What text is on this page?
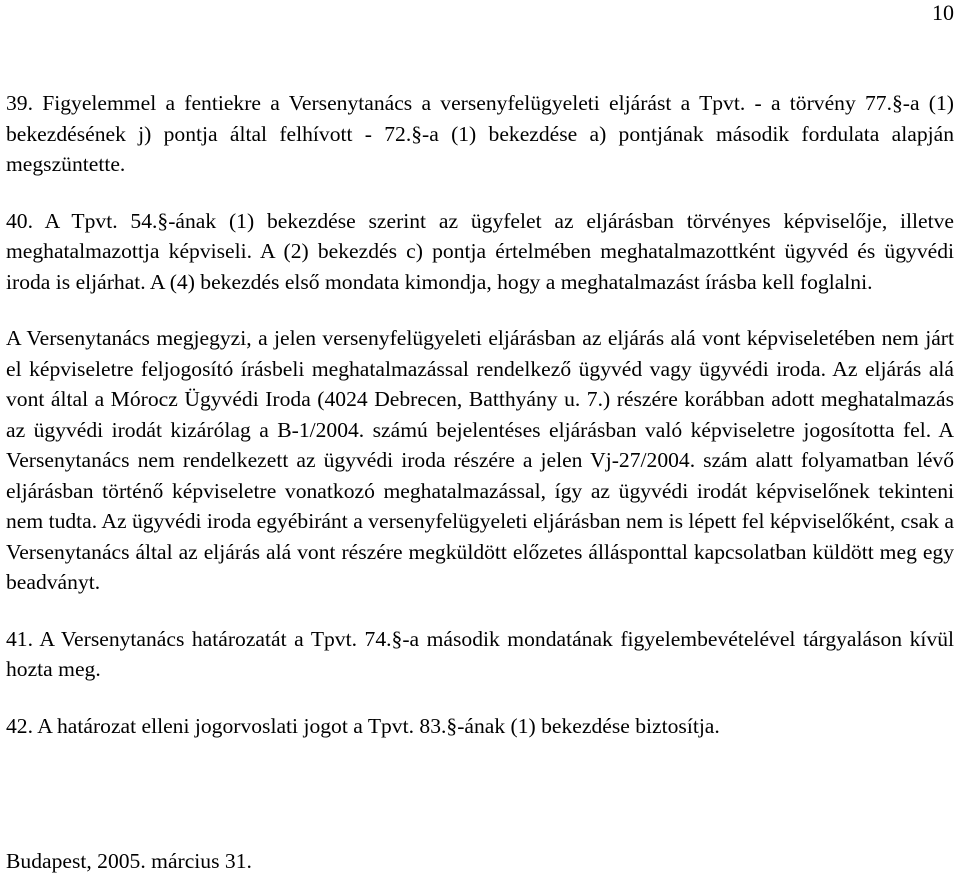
10

39. Figyelemmel a fentiekre a Versenytanács a versenyfelügyeleti eljárást a Tpvt. - a törvény 77.§-a (1) bekezdésének j) pontja által felhívott - 72.§-a (1) bekezdése a) pontjának második fordulata alapján megszüntette.

40. A Tpvt. 54.§-ának (1) bekezdése szerint az ügyfelet az eljárásban törvényes képviselője, illetve meghatalmazottja képviseli. A (2) bekezdés c) pontja értelmében meghatalmazottként ügyvéd és ügyvédi iroda is eljárhat. A (4) bekezdés első mondata kimondja, hogy a meghatalmazást írásba kell foglalni.

A Versenytanács megjegyzi, a jelen versenyfelügyeleti eljárásban az eljárás alá vont képviseletében nem járt el képviseletre feljogosító írásbeli meghatalmazással rendelkező ügyvéd vagy ügyvédi iroda. Az eljárás alá vont által a Mórocz Ügyvédi Iroda (4024 Debrecen, Batthyány u. 7.) részére korábban adott meghatalmazás az ügyvédi irodát kizárólag a B-1/2004. számú bejelentéses eljárásban való képviseletre jogosította fel. A Versenytanács nem rendelkezett az ügyvédi iroda részére a jelen Vj-27/2004. szám alatt folyamatban lévő eljárásban történő képviseletre vonatkozó meghatalmazással, így az ügyvédi irodát képviselőnek tekinteni nem tudta. Az ügyvédi iroda egyébiránt a versenyfelügyeleti eljárásban nem is lépett fel képviselőként, csak a Versenytanács által az eljárás alá vont részére megküldött előzetes állásponttal kapcsolatban küldött meg egy beadványt.

41. A Versenytanács határozatát a Tpvt. 74.§-a második mondatának figyelembevételével tárgyaláson kívül hozta meg.

42. A határozat elleni jogorvoslati jogot a Tpvt. 83.§-ának (1) bekezdése biztosítja.

Budapest, 2005. március 31.
